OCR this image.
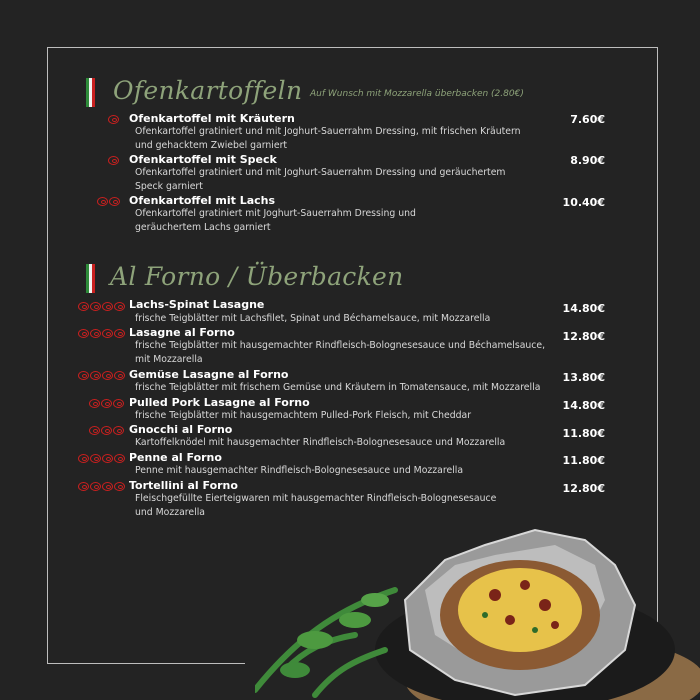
Ofenkartoffeln Auf Wunsch mit Mozzarella überbacken (2.80€)
Ofenkartoffel mit Kräutern
Ofenkartoffel gratiniert und mit Joghurt-Sauerrahm Dressing, mit frischen Kräutern und gehacktem Zwiebel garniert
7.60€
Ofenkartoffel mit Speck
Ofenkartoffel gratiniert und mit Joghurt-Sauerrahm Dressing und geräuchertem Speck garniert
8.90€
Ofenkartoffel mit Lachs
Ofenkartoffel gratiniert mit Joghurt-Sauerrahm Dressing und geräuchertem Lachs garniert
10.40€
Al Forno / Überbacken
Lachs-Spinat Lasagne
frische Teigblätter mit Lachsfilet, Spinat und Béchamelsauce, mit Mozzarella
14.80€
Lasagne al Forno
frische Teigblätter mit hausgemachter Rindfleisch-Bolognesesauce und Béchamelsauce, mit Mozzarella
12.80€
Gemüse Lasagne al Forno
frische Teigblätter mit frischem Gemüse und Kräutern in Tomatensauce, mit Mozzarella
13.80€
Pulled Pork Lasagne al Forno
frische Teigblätter mit hausgemachtem Pulled-Pork Fleisch, mit Cheddar
14.80€
Gnocchi al Forno
Kartoffelknödel mit hausgemachter Rindfleisch-Bolognesesauce und Mozzarella
11.80€
Penne al Forno
Penne mit hausgemachter Rindfleisch-Bolognesesauce und Mozzarella
11.80€
Tortellini al Forno
Fleischgefüllte Eierteigwaren mit hausgemachter Rindfleisch-Bolognesesauce und Mozzarella
12.80€
